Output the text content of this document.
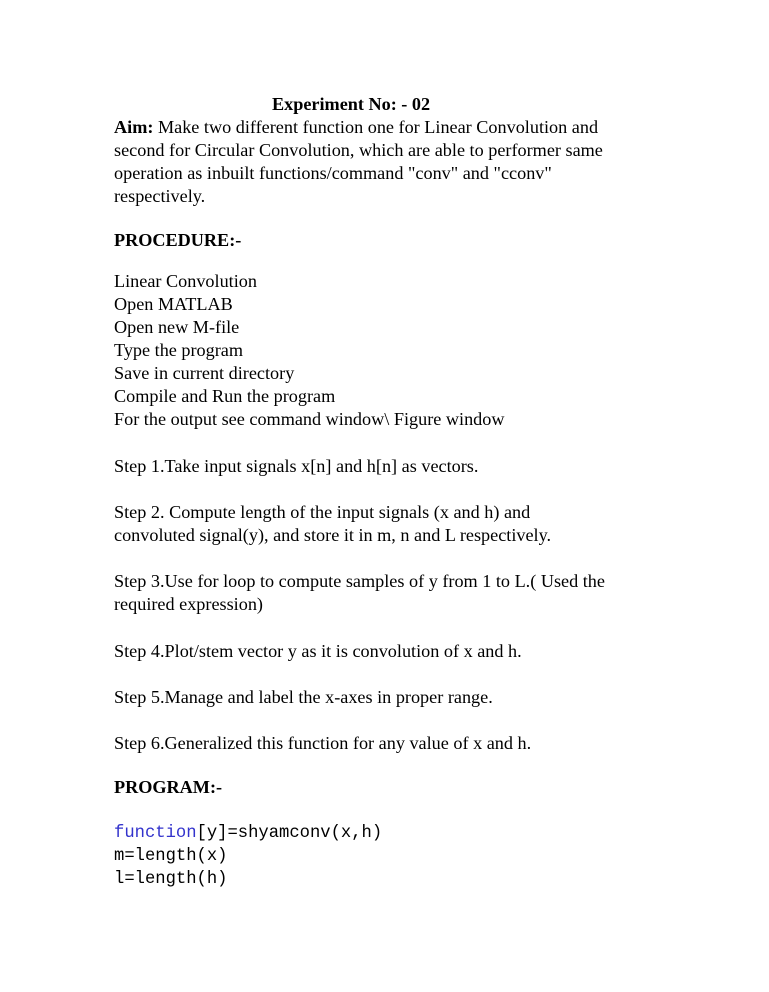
Experiment No: - 02
Aim: Make two different function one for Linear Convolution and
second for Circular Convolution, which are able to performer same
operation as inbuilt functions/command "conv" and "cconv"
respectively.
PROCEDURE:-
Linear Convolution
Open MATLAB
Open new M-file
Type the program
Save in current directory
Compile and Run the program
For the output see command window\ Figure window
Step 1.Take input signals x[n] and h[n] as vectors.
Step 2. Compute length of the input signals (x and h) and
convoluted signal(y), and store it in m, n and L respectively.
Step 3.Use for loop to compute samples of y from 1 to L.( Used the
required expression)
Step 4.Plot/stem vector y as it is convolution of x and h.
Step 5.Manage and label the x-axes in proper range.
Step 6.Generalized this function for any value of x and h.
PROGRAM:-
function[y]=shyamconv(x,h)
m=length(x)
l=length(h)
